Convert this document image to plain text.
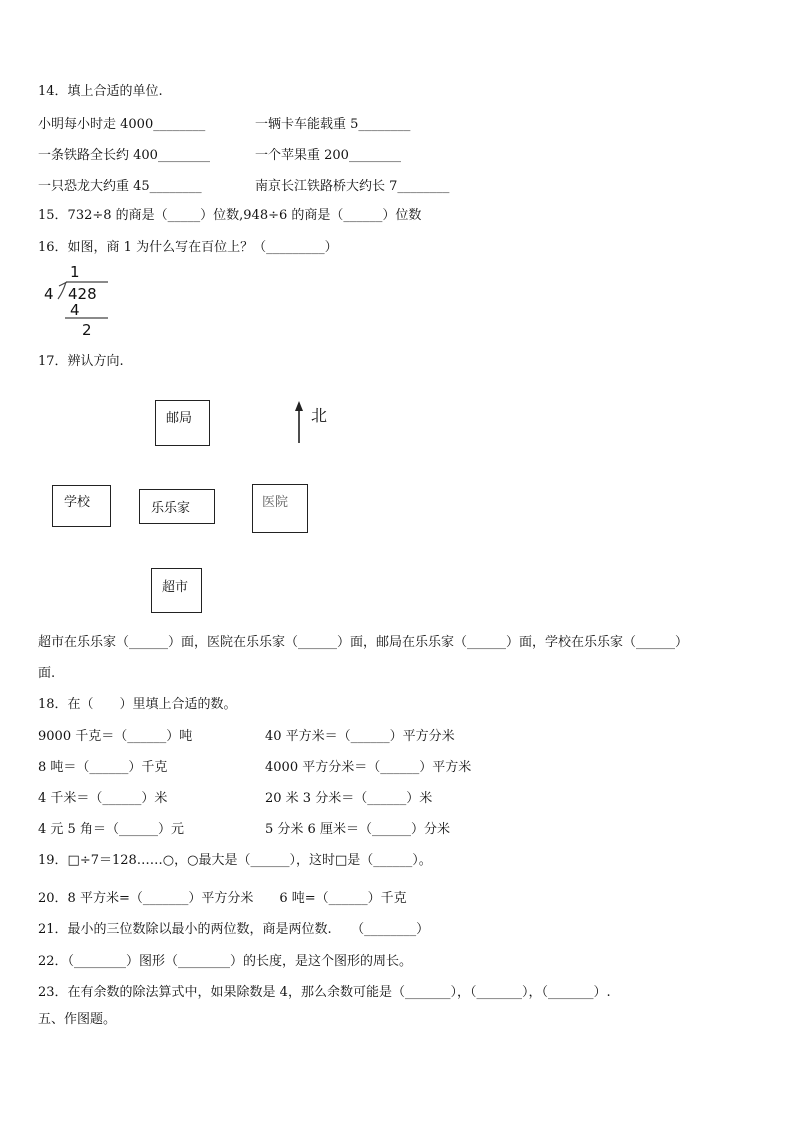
14．填上合适的单位.
小明每小时走 4000________	一辆卡车能载重 5________
一条铁路全长约 400________	一个苹果重 200________
一只恐龙大约重 45________	南京长江铁路桥大约长 7________
15．732÷8 的商是（_____）位数,948÷6 的商是（______）位数
16．如图，商 1 为什么写在百位上？（_________）
1
4 428
4
2
17．辨认方向.
邮局
学校	乐乐家	医院
超市
北
超市在乐乐家（______）面，医院在乐乐家（______）面，邮局在乐乐家（______）面，学校在乐乐家（______）
面.
18．在（　　）里填上合适的数。
9000 千克＝（______）吨	40 平方米＝（______）平方分米
8 吨＝（______）千克	4000 平方分米＝（______）平方米
4 千米＝（______）米	20 米 3 分米＝（______）米
4 元 5 角＝（______）元	5 分米 6 厘米＝（______）分米
19．□÷7＝128……○，○最大是（______），这时□是（______）。
20．8 平方米=（_______）平方分米　　6 吨=（______）千克
21．最小的三位数除以最小的两位数，商是两位数.　　（________）
22．（________）图形（________）的长度，是这个图形的周长。
23．在有余数的除法算式中，如果除数是 4，那么余数可能是（_______），（_______），（_______）.
五、作图题。
